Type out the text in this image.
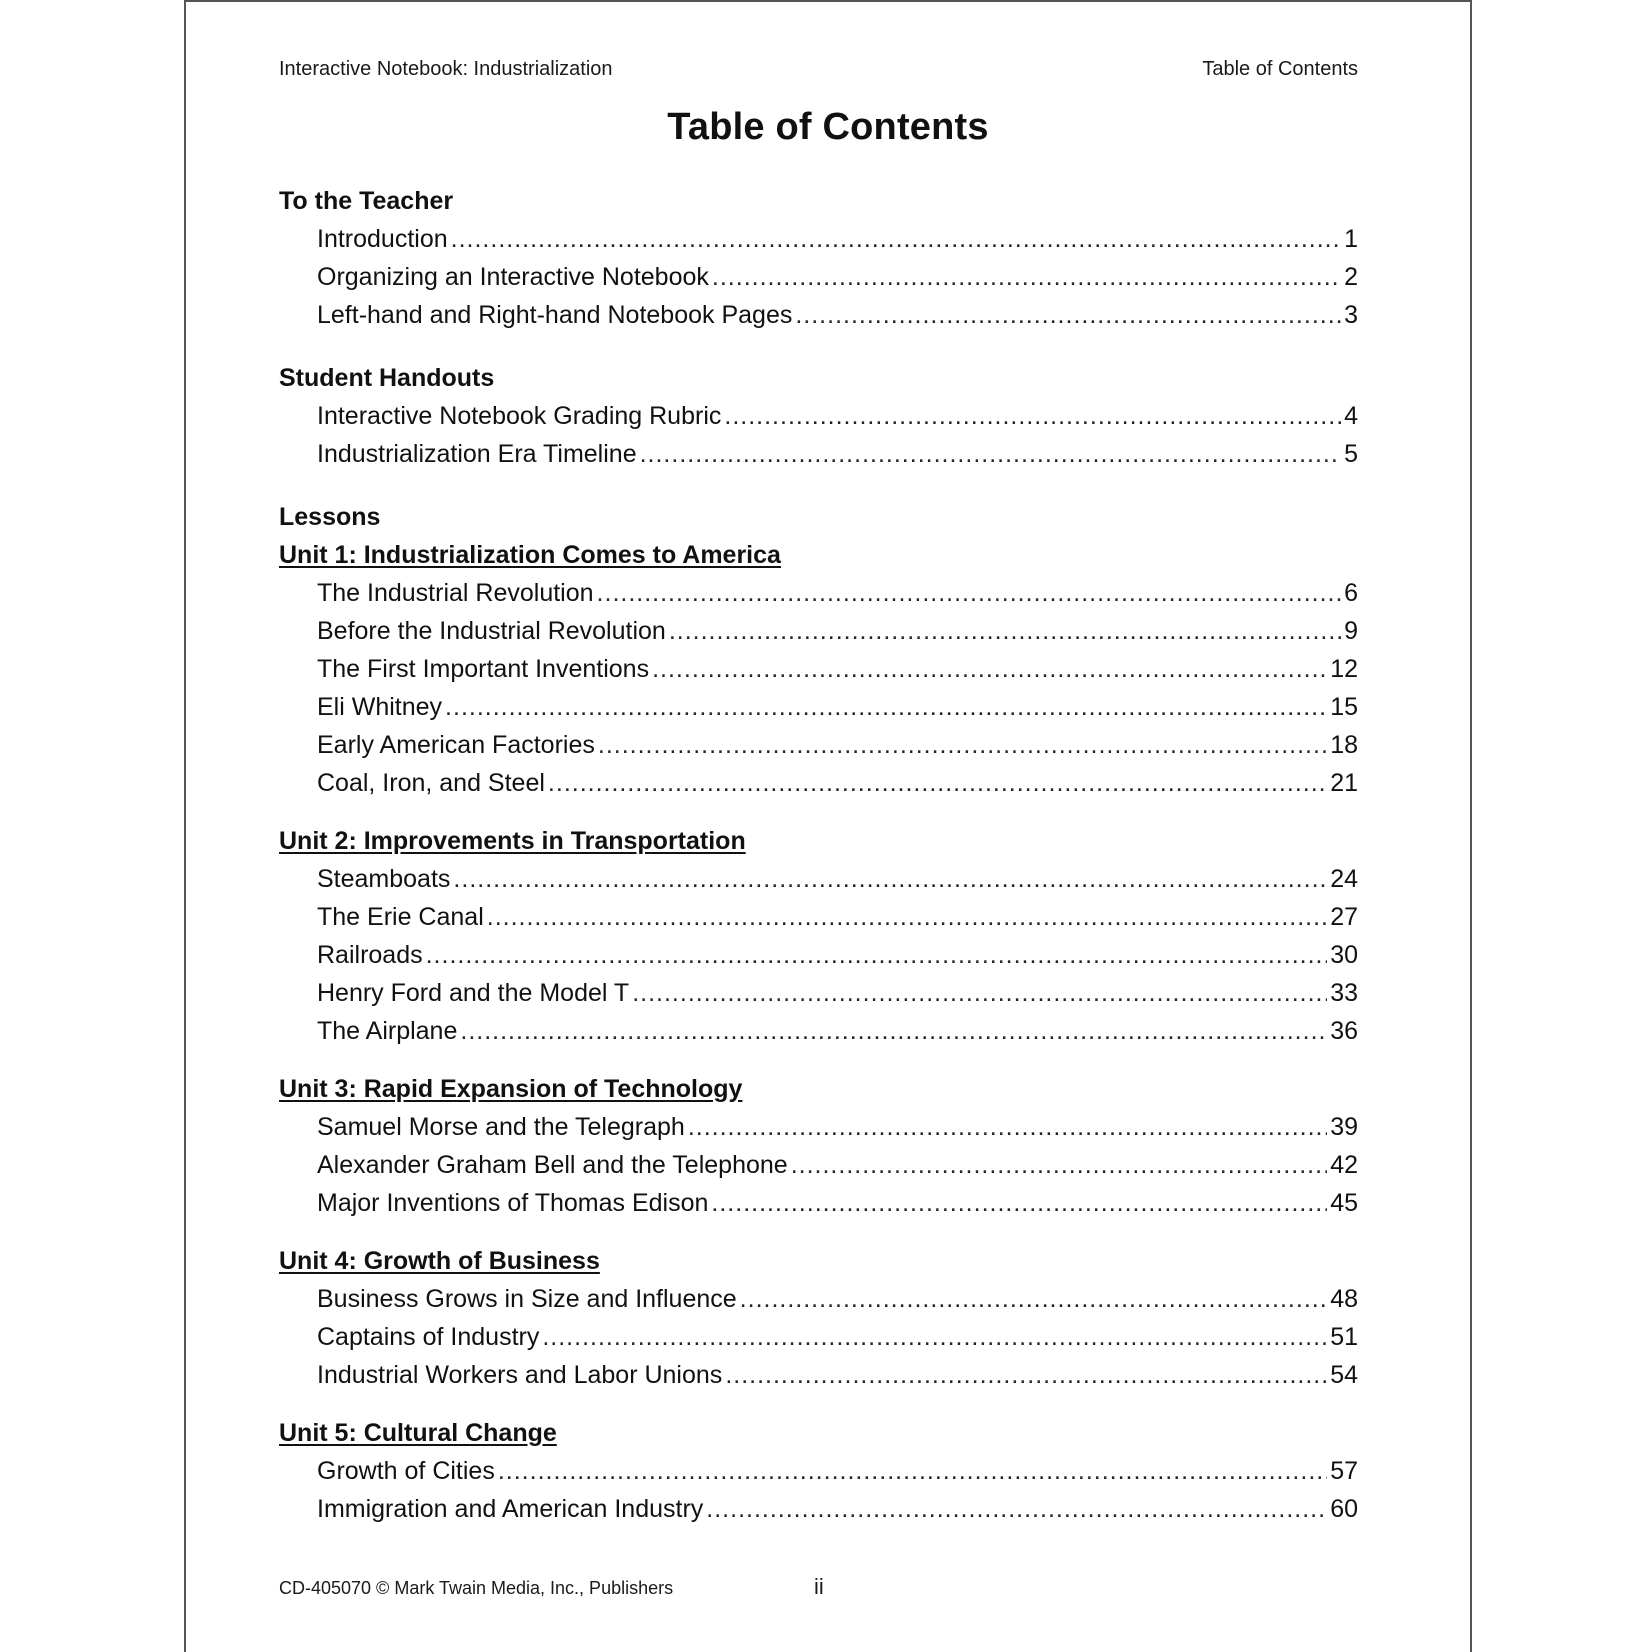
Interactive Notebook: Industrialization	Table of Contents
Table of Contents
To the Teacher
Introduction .....	1
Organizing an Interactive Notebook .....	2
Left-hand and Right-hand Notebook Pages .....	3
Student Handouts
Interactive Notebook Grading Rubric .....	4
Industrialization Era Timeline .....	5
Lessons
Unit 1: Industrialization Comes to America
The Industrial Revolution .....	6
Before the Industrial Revolution .....	9
The First Important Inventions .....	12
Eli Whitney .....	15
Early American Factories .....	18
Coal, Iron, and Steel .....	21
Unit 2: Improvements in Transportation
Steamboats .....	24
The Erie Canal .....	27
Railroads .....	30
Henry Ford and the Model T .....	33
The Airplane .....	36
Unit 3: Rapid Expansion of Technology
Samuel Morse and the Telegraph .....	39
Alexander Graham Bell and the Telephone .....	42
Major Inventions of Thomas Edison .....	45
Unit 4: Growth of Business
Business Grows in Size and Influence .....	48
Captains of Industry .....	51
Industrial Workers and Labor Unions .....	54
Unit 5: Cultural Change
Growth of Cities .....	57
Immigration and American Industry .....	60
CD-405070 © Mark Twain Media, Inc., Publishers	ii
